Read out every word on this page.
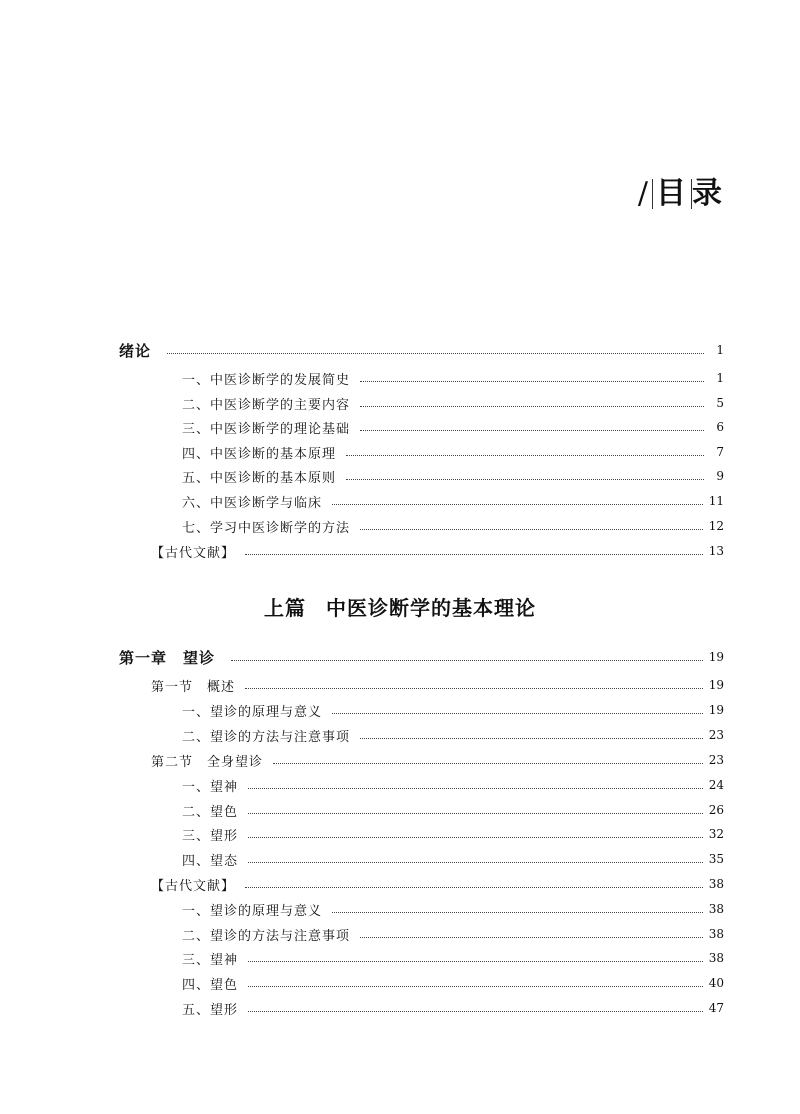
/ 目 录
绪论	1
一、中医诊断学的发展简史	1
二、中医诊断学的主要内容	5
三、中医诊断学的理论基础	6
四、中医诊断的基本原理	7
五、中医诊断的基本原则	9
六、中医诊断学与临床	11
七、学习中医诊断学的方法	12
【古代文献】	13
上篇 中医诊断学的基本理论
第一章　望诊	19
第一节　概述	19
一、望诊的原理与意义	19
二、望诊的方法与注意事项	23
第二节　全身望诊	23
一、望神	24
二、望色	26
三、望形	32
四、望态	35
【古代文献】	38
一、望诊的原理与意义	38
二、望诊的方法与注意事项	38
三、望神	38
四、望色	40
五、望形	47
